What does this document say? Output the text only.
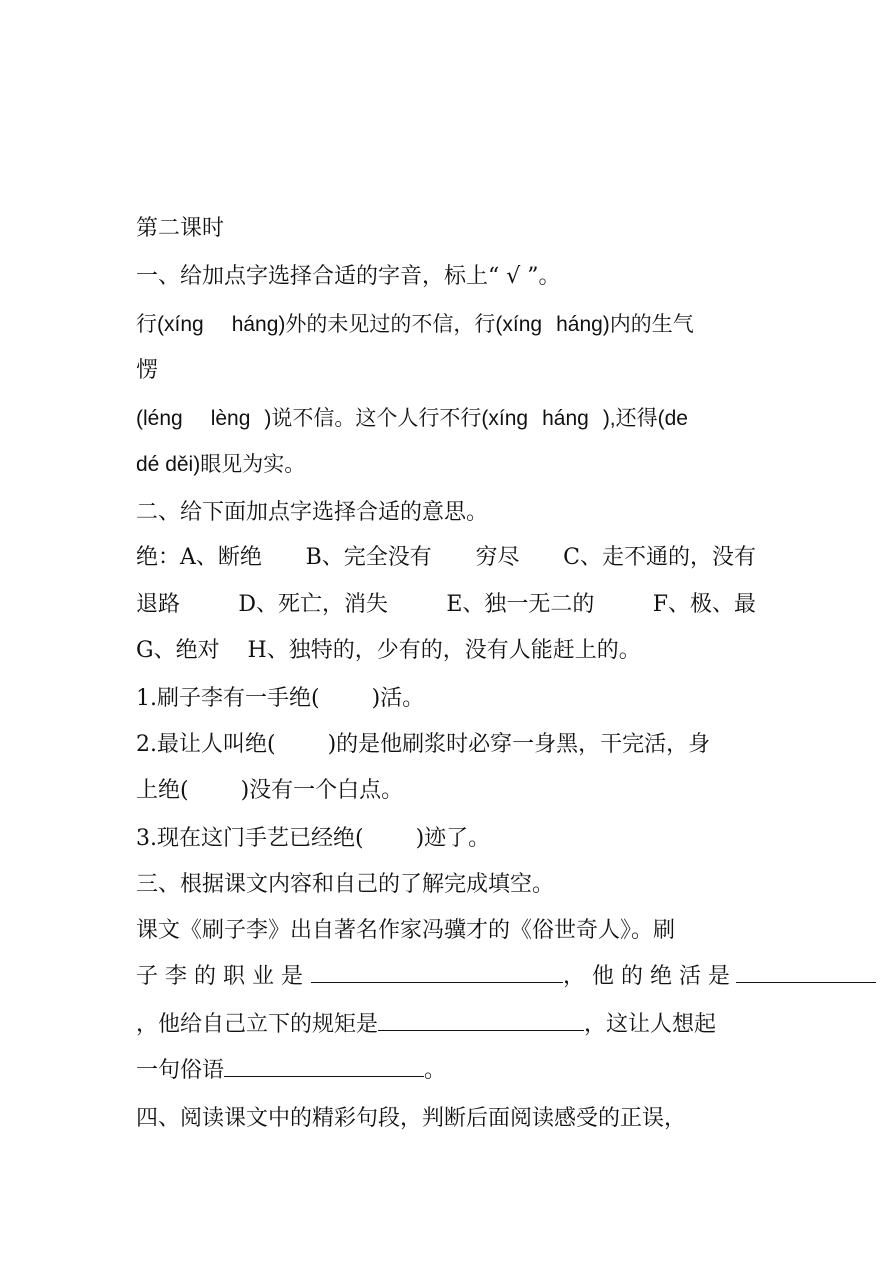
第二课时

一、给加点字选择合适的字音，标上“ √ ”。

行(xíng háng)外的未见过的不信，行(xíng háng)内的生气

愣

(léng lèng )说不信。这个人行不行(xíng háng ),还得(de

dé děi)眼见为实。

二、给下面加点字选择合适的意思。

绝：A、断绝 B、完全没有 穷尽 C、走不通的，没有

退路	D、死亡，消失	E、独一无二的	F、极、最

G、绝对    H、独特的，少有的，没有人能赶上的。

1.刷子李有一手绝( )活。

2.最让人叫绝( )的是他刷浆时必穿一身黑，干完活，身

上绝( )没有一个白点。

3.现在这门手艺已经绝( )迹了。

三、根据课文内容和自己的了解完成填空。

课文《刷子李》出自著名作家冯骥才的《俗世奇人》。刷

子 李 的 职 业 是	， 他 的 绝 活 是

，他给自己立下的规矩是	，这让人想起

一句俗语	。

四、阅读课文中的精彩句段，判断后面阅读感受的正误，
